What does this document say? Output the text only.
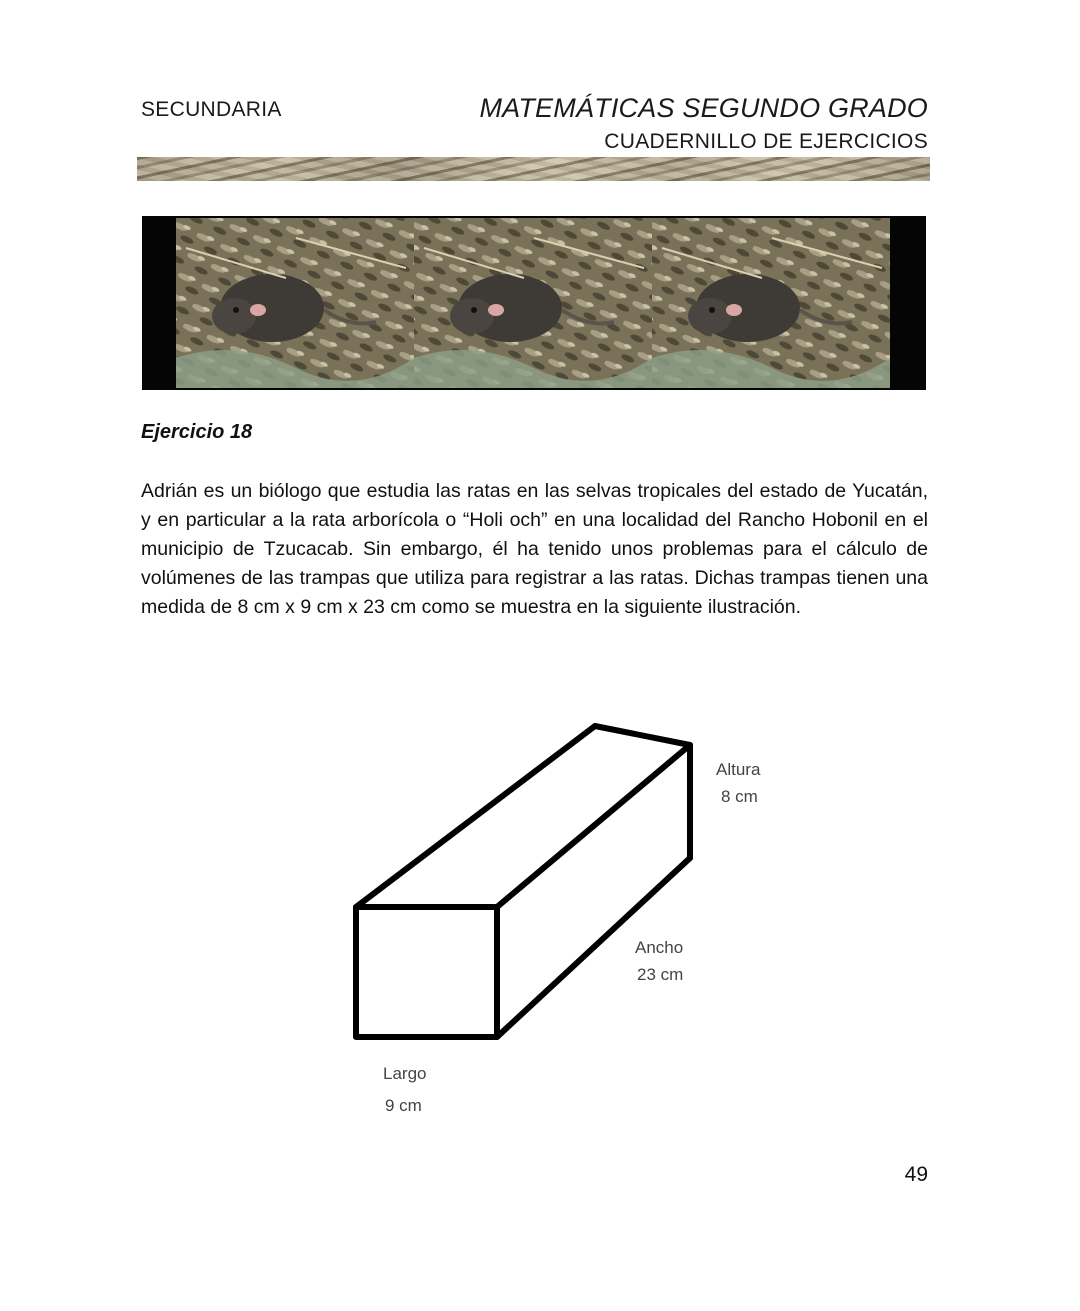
SECUNDARIA	MATEMÁTICAS SEGUNDO GRADO
CUADERNILLO DE EJERCICIOS
Ejercicio 18
Adrián es un biólogo que estudia las ratas en las selvas tropicales del estado de Yucatán, y en particular a la rata arborícola o “Holi och” en una localidad del Rancho Hobonil en el municipio de Tzucacab. Sin embargo, él ha tenido unos problemas para el cálculo de volúmenes de las trampas que utiliza para registrar a las ratas. Dichas trampas tienen una medida de 8 cm x 9 cm x 23 cm como se muestra en la siguiente ilustración.
Altura
8 cm
Ancho
23 cm
Largo
9 cm
49
